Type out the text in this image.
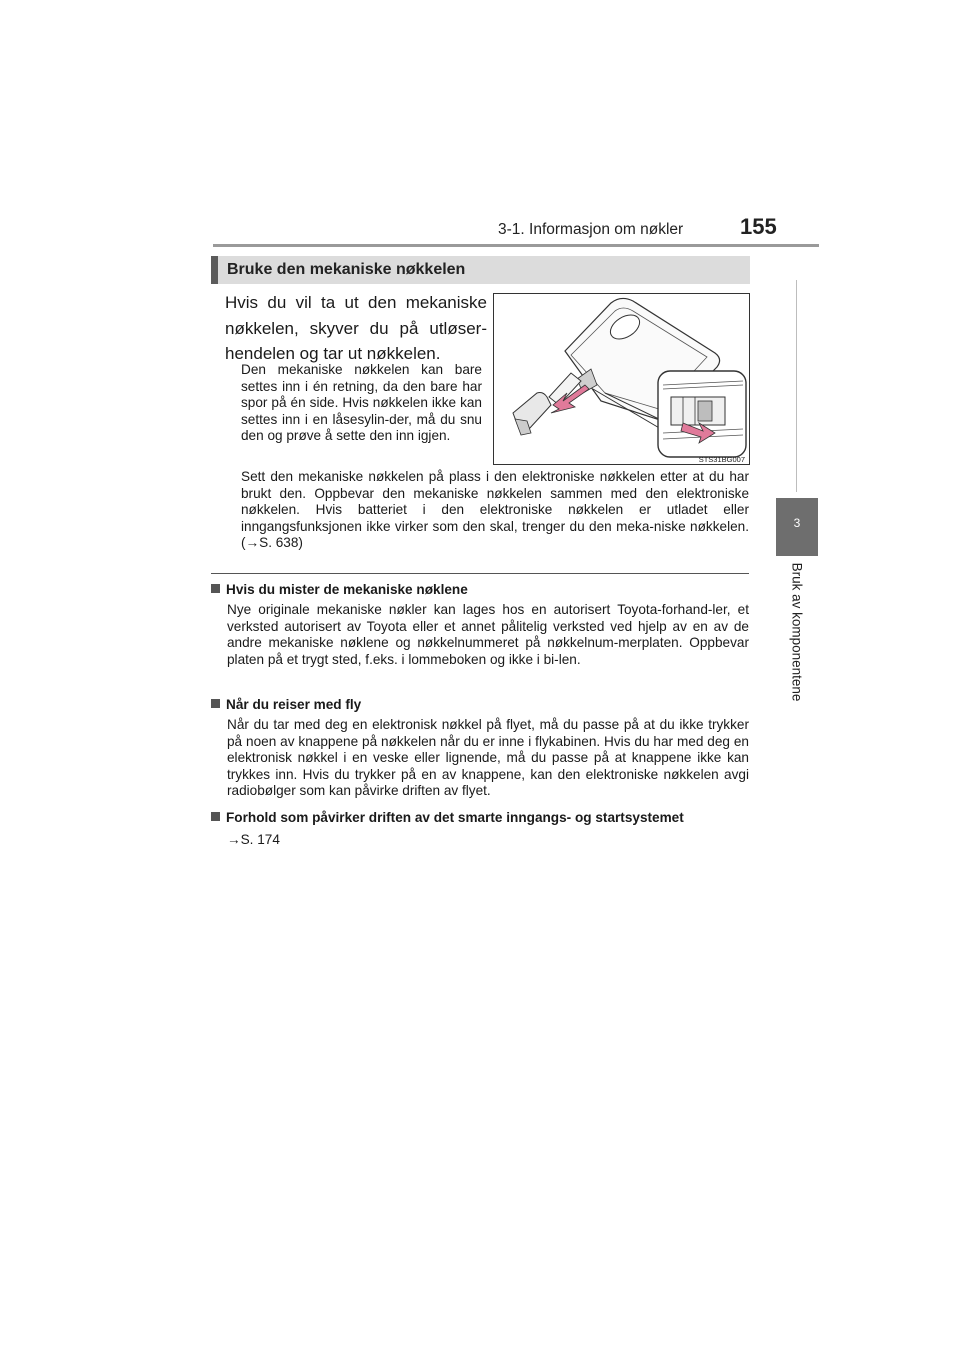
3-1. Informasjon om nøkler	155
3
Bruk av komponentene
Bruke den mekaniske nøkkelen

Hvis du vil ta ut den mekaniske nøkkelen, skyver du på utløser-hendelen og tar ut nøkkelen.

Den mekaniske nøkkelen kan bare settes inn i én retning, da den bare har spor på én side. Hvis nøkkelen ikke kan settes inn i en låsesylin-der, må du snu den og prøve å sette den inn igjen.

Sett den mekaniske nøkkelen på plass i den elektroniske nøkkelen etter at du har brukt den. Oppbevar den mekaniske nøkkelen sammen med den elektroniske nøkkelen. Hvis batteriet i den elektroniske nøkkelen er utladet eller inngangsfunksjonen ikke virker som den skal, trenger du den meka-niske nøkkelen. (→S. 638)

STS31BG007

Hvis du mister de mekaniske nøklene

Nye originale mekaniske nøkler kan lages hos en autorisert Toyota-forhand-ler, et verksted autorisert av Toyota eller et annet pålitelig verksted ved hjelp av en av de andre mekaniske nøklene og nøkkelnummeret på nøkkelnum-merplaten. Oppbevar platen på et trygt sted, f.eks. i lommeboken og ikke i bi-len.

Når du reiser med fly

Når du tar med deg en elektronisk nøkkel på flyet, må du passe på at du ikke trykker på noen av knappene på nøkkelen når du er inne i flykabinen. Hvis du har med deg en elektronisk nøkkel i en veske eller lignende, må du passe på at knappene ikke kan trykkes inn. Hvis du trykker på en av knappene, kan den elektroniske nøkkelen avgi radiobølger som kan påvirke driften av flyet.

Forhold som påvirker driften av det smarte inngangs- og startsystemet

→S. 174
